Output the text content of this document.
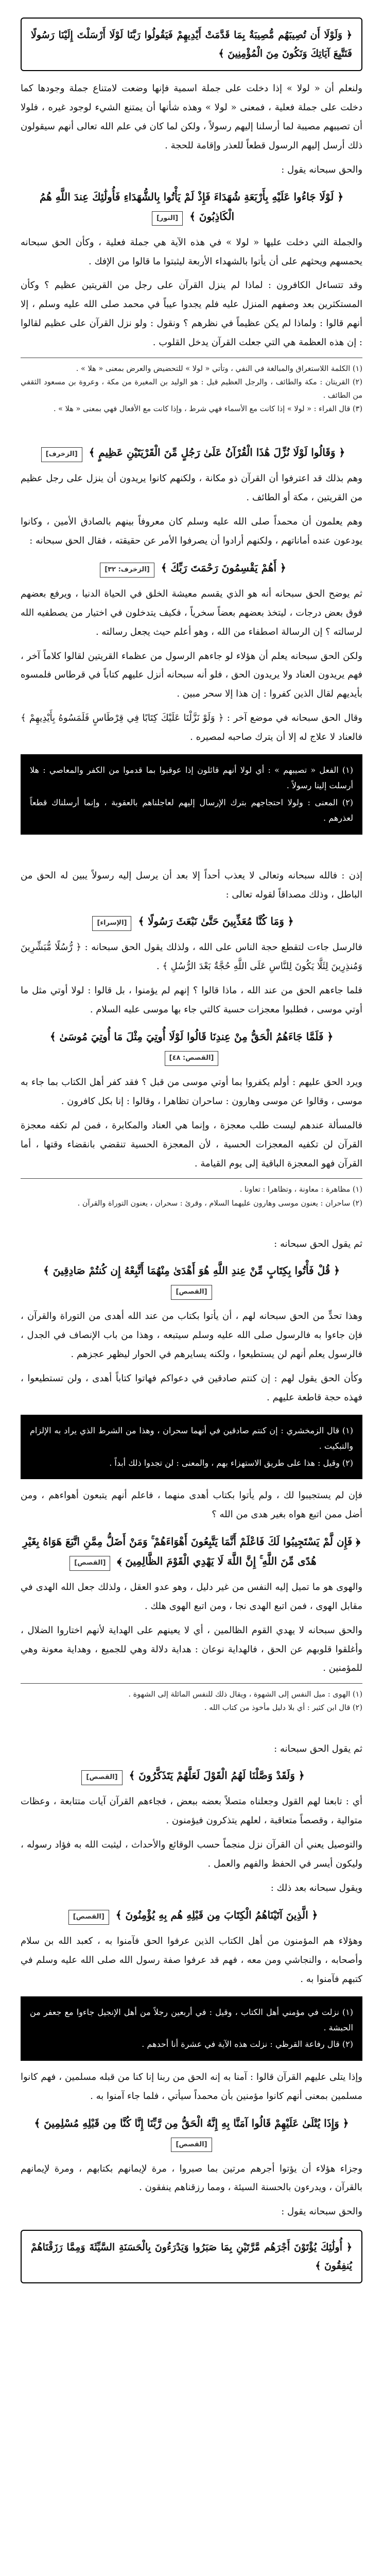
﴿ وَلَوْلَا أَن تُصِيبَهُم مُّصِيبَةٌ بِمَا قَدَّمَتْ أَيْدِيهِمْ فَيَقُولُوا رَبَّنَا لَوْلَا أَرْسَلْتَ إِلَيْنَا رَسُولًا فَنَتَّبِعَ آيَاتِكَ وَنَكُونَ مِنَ الْمُؤْمِنِينَ ﴾
ولنعلم أن « لولا » إذا دخلت على جملة اسمية فإنها وضعت لامتناع جملة وجودها كما دخلت على جملة فعلية ، فمعنى « لولا » وهذه شأنها أن يمتنع الشيء لوجود غيره ، فلولا أن تصيبهم مصيبة لما أرسلنا إليهم رسولاً ، ولكن لما كان في علم الله تعالى أنهم سيقولون ذلك أرسل إليهم الرسول قطعاً للعذر وإقامة للحجة .
والحق سبحانه يقول :
﴿ لَوْلَا جَاءُوا عَلَيْهِ بِأَرْبَعَةِ شُهَدَاءَ فَإِذْ لَمْ يَأْتُوا بِالشُّهَدَاءِ فَأُولَٰئِكَ عِندَ اللَّهِ هُمُ الْكَاذِبُونَ ﴾ [النور]
والجملة التي دخلت عليها « لولا » في هذه الآية هي جملة فعلية ، وكأن الحق سبحانه يحمسهم ويحثهم على أن يأتوا بالشهداء الأربعة ليثبتوا ما قالوا من الإفك .
وقد تتساءل الكافرون : لماذا لم ينزل القرآن على رجل من القريتين عظيم ؟ وكأن المستكثرين بعد وصفهم المنزل عليه فلم يجدوا عيباً في محمد صلى الله عليه وسلم ، إلا أنهم قالوا : ولماذا لم يكن عظيماً في نظرهم ؟ ونقول : ولو نزل القرآن على عظيم لقالوا : إن هذه العظمة هي التي جعلت القرآن يدخل القلوب .
(١) الكلمة اللاستغراق والمبالغة في النفي ، وتأتي « لولا » للتحضيض والعرض بمعنى « هلا » .
(٢) القريتان : مكة والطائف ، والرجل العظيم قيل : هو الوليد بن المغيرة من مكة ، وعروة بن مسعود الثقفي من الطائف .
(٣) قال الفراء : « لولا » إذا كانت مع الأسماء فهي شرط ، وإذا كانت مع الأفعال فهي بمعنى « هلا » .
﴿ وَقَالُوا لَوْلَا نُزِّلَ هَٰذَا الْقُرْآنُ عَلَىٰ رَجُلٍ مِّنَ الْقَرْيَتَيْنِ عَظِيمٍ ﴾ [الزخرف]
وهم بذلك قد اعترفوا أن القرآن ذو مكانة ، ولكنهم كانوا يريدون أن ينزل على رجل عظيم من القريتين ، مكة أو الطائف .
وهم يعلمون أن محمداً صلى الله عليه وسلم كان معروفاً بينهم بالصادق الأمين ، وكانوا يودعون عنده أماناتهم ، ولكنهم أرادوا أن يصرفوا الأمر عن حقيقته ، فقال الحق سبحانه :
﴿ أَهُمْ يَقْسِمُونَ رَحْمَتَ رَبِّكَ ﴾ [الزخرف: ٣٢]
ثم يوضح الحق سبحانه أنه هو الذي يقسم معيشة الخلق في الحياة الدنيا ، ويرفع بعضهم فوق بعض درجات ، ليتخذ بعضهم بعضاً سخرياً ، فكيف يتدخلون في اختيار من يصطفيه الله لرسالته ؟ إن الرسالة اصطفاء من الله ، وهو أعلم حيث يجعل رسالته .
ولكن الحق سبحانه يعلم أن هؤلاء لو جاءهم الرسول من عظماء القريتين لقالوا كلاماً آخر ، فهم يريدون العناد ولا يريدون الحق ، فلو أنه سبحانه أنزل عليهم كتاباً في قرطاس فلمسوه بأيديهم لقال الذين كفروا : إن هذا إلا سحر مبين .
وقال الحق سبحانه في موضع آخر : ﴿ وَلَوْ نَزَّلْنَا عَلَيْكَ كِتَابًا فِي قِرْطَاسٍ فَلَمَسُوهُ بِأَيْدِيهِمْ ﴾ فالعناد لا علاج له إلا أن يترك صاحبه لمصيره .
(١) الفعل « تصيبهم » : أي لولا أنهم قائلون إذا عوقبوا بما قدموا من الكفر والمعاصي : هلا أرسلت إلينا رسولاً .
(٢) المعنى : ولولا احتجاجهم بترك الإرسال إليهم لعاجلناهم بالعقوبة ، وإنما أرسلناك قطعاً لعذرهم .
إذن : فالله سبحانه وتعالى لا يعذب أحداً إلا بعد أن يرسل إليه رسولاً يبين له الحق من الباطل ، وذلك مصداقاً لقوله تعالى :
﴿ وَمَا كُنَّا مُعَذِّبِينَ حَتَّىٰ نَبْعَثَ رَسُولًا ﴾ [الإسراء]
فالرسل جاءت لتقطع حجة الناس على الله ، ولذلك يقول الحق سبحانه : ﴿ رُّسُلًا مُّبَشِّرِينَ وَمُنذِرِينَ لِئَلَّا يَكُونَ لِلنَّاسِ عَلَى اللَّهِ حُجَّةٌ بَعْدَ الرُّسُلِ ﴾ .
فلما جاءهم الحق من عند الله ، ماذا قالوا ؟ إنهم لم يؤمنوا ، بل قالوا : لولا أوتي مثل ما أوتي موسى ، فطلبوا معجزات حسية كالتي جاء بها موسى عليه السلام .
﴿ فَلَمَّا جَاءَهُمُ الْحَقُّ مِنْ عِندِنَا قَالُوا لَوْلَا أُوتِيَ مِثْلَ مَا أُوتِيَ مُوسَىٰ ﴾ [القصص: ٤٨]
ويرد الحق عليهم : أولم يكفروا بما أوتي موسى من قبل ؟ فقد كفر أهل الكتاب بما جاء به موسى ، وقالوا عن موسى وهارون : ساحران تظاهرا ، وقالوا : إنا بكل كافرون .
فالمسألة عندهم ليست طلب معجزة ، وإنما هي العناد والمكابرة ، فمن لم تكفه معجزة القرآن لن تكفيه المعجزات الحسية ، لأن المعجزة الحسية تنقضي بانقضاء وقتها ، أما القرآن فهو المعجزة الباقية إلى يوم القيامة .
(١) مظاهرة : معاونة ، وتظاهرا : تعاونا .
(٢) ساحران : يعنون موسى وهارون عليهما السلام ، وقرئ : سحران ، يعنون التوراة والقرآن .
ثم يقول الحق سبحانه :
﴿ قُلْ فَأْتُوا بِكِتَابٍ مِّنْ عِندِ اللَّهِ هُوَ أَهْدَىٰ مِنْهُمَا أَتَّبِعْهُ إِن كُنتُمْ صَادِقِينَ ﴾ [القصص]
وهذا تحدٍّ من الحق سبحانه لهم ، أن يأتوا بكتاب من عند الله أهدى من التوراة والقرآن ، فإن جاءوا به فالرسول صلى الله عليه وسلم سيتبعه ، وهذا من باب الإنصاف في الجدل ، فالرسول يعلم أنهم لن يستطيعوا ، ولكنه يسايرهم في الحوار ليظهر عجزهم .
وكأن الحق يقول لهم : إن كنتم صادقين في دعواكم فهاتوا كتاباً أهدى ، ولن تستطيعوا ، فهذه حجة قاطعة عليهم .
(١) قال الزمخشري : إن كنتم صادقين في أنهما سحران ، وهذا من الشرط الذي يراد به الإلزام والتبكيت .
(٢) وقيل : هذا على طريق الاستهزاء بهم ، والمعنى : لن تجدوا ذلك أبداً .
فإن لم يستجيبوا لك ، ولم يأتوا بكتاب أهدى منهما ، فاعلم أنهم يتبعون أهواءهم ، ومن أضل ممن اتبع هواه بغير هدى من الله ؟
﴿ فَإِن لَّمْ يَسْتَجِيبُوا لَكَ فَاعْلَمْ أَنَّمَا يَتَّبِعُونَ أَهْوَاءَهُمْ ۚ وَمَنْ أَضَلُّ مِمَّنِ اتَّبَعَ هَوَاهُ بِغَيْرِ هُدًى مِّنَ اللَّهِ ۚ إِنَّ اللَّهَ لَا يَهْدِي الْقَوْمَ الظَّالِمِينَ ﴾ [القصص]
والهوى هو ما تميل إليه النفس من غير دليل ، وهو عدو العقل ، ولذلك جعل الله الهدى في مقابل الهوى ، فمن اتبع الهدى نجا ، ومن اتبع الهوى هلك .
والحق سبحانه لا يهدي القوم الظالمين ، أي لا يعينهم على الهداية لأنهم اختاروا الضلال ، وأغلقوا قلوبهم عن الحق ، فالهداية نوعان : هداية دلالة وهي للجميع ، وهداية معونة وهي للمؤمنين .
(١) الهوى : ميل النفس إلى الشهوة ، ويقال ذلك للنفس المائلة إلى الشهوة .
(٢) قال ابن كثير : أي بلا دليل مأخوذ من كتاب الله .
ثم يقول الحق سبحانه :
﴿ وَلَقَدْ وَصَّلْنَا لَهُمُ الْقَوْلَ لَعَلَّهُمْ يَتَذَكَّرُونَ ﴾ [القصص]
أي : تابعنا لهم القول وجعلناه متصلاً بعضه ببعض ، فجاءهم القرآن آيات متتابعة ، وعظات متوالية ، وقصصاً متعاقبة ، لعلهم يتذكرون فيؤمنون .
والتوصيل يعني أن القرآن نزل منجماً حسب الوقائع والأحداث ، ليثبت الله به فؤاد رسوله ، وليكون أيسر في الحفظ والفهم والعمل .
ويقول سبحانه بعد ذلك :
﴿ الَّذِينَ آتَيْنَاهُمُ الْكِتَابَ مِن قَبْلِهِ هُم بِهِ يُؤْمِنُونَ ﴾ [القصص]
وهؤلاء هم المؤمنون من أهل الكتاب الذين عرفوا الحق فآمنوا به ، كعبد الله بن سلام وأصحابه ، والنجاشي ومن معه ، فهم قد عرفوا صفة رسول الله صلى الله عليه وسلم في كتبهم فآمنوا به .
(١) نزلت في مؤمني أهل الكتاب ، وقيل : في أربعين رجلاً من أهل الإنجيل جاءوا مع جعفر من الحبشة .
(٢) قال رفاعة القرظي : نزلت هذه الآية في عشرة أنا أحدهم .
وإذا يتلى عليهم القرآن قالوا : آمنا به إنه الحق من ربنا إنا كنا من قبله مسلمين ، فهم كانوا مسلمين بمعنى أنهم كانوا مؤمنين بأن محمداً سيأتي ، فلما جاء آمنوا به .
﴿ وَإِذَا يُتْلَىٰ عَلَيْهِمْ قَالُوا آمَنَّا بِهِ إِنَّهُ الْحَقُّ مِن رَّبِّنَا إِنَّا كُنَّا مِن قَبْلِهِ مُسْلِمِينَ ﴾ [القصص]
وجزاء هؤلاء أن يؤتوا أجرهم مرتين بما صبروا ، مرة لإيمانهم بكتابهم ، ومرة لإيمانهم بالقرآن ، ويدرءون بالحسنة السيئة ، ومما رزقناهم ينفقون .
والحق سبحانه يقول :
﴿ أُولَٰئِكَ يُؤْتَوْنَ أَجْرَهُم مَّرَّتَيْنِ بِمَا صَبَرُوا وَيَدْرَءُونَ بِالْحَسَنَةِ السَّيِّئَةَ وَمِمَّا رَزَقْنَاهُمْ يُنفِقُونَ ﴾
